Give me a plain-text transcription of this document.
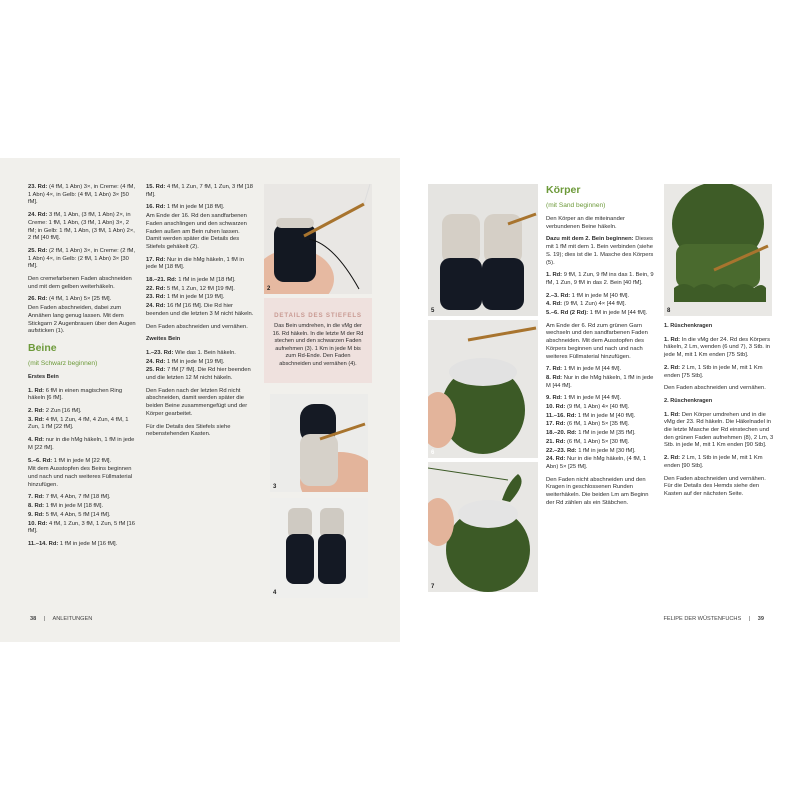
23. Rd: (4 fM, 1 Abn) 3×, in Creme: (4 fM, 1 Abn) 4×, in Gelb: (4 fM, 1 Abn) 3× [50 fM].

24. Rd: 3 fM, 1 Abn, (3 fM, 1 Abn) 2×, in Creme: 1 fM, 1 Abn, (3 fM, 1 Abn) 3×, 2 fM; in Gelb: 1 fM, 1 Abn, (3 fM, 1 Abn) 2×, 2 fM [40 fM].

25. Rd: (2 fM, 1 Abn) 3×, in Creme: (2 fM, 1 Abn) 4×, in Gelb: (2 fM, 1 Abn) 3× [30 fM].

Den cremefarbenen Faden abschneiden und mit dem gelben weiterhäkeln.

26. Rd: (4 fM, 1 Abn) 5× [25 fM].

Den Faden abschneiden, dabei zum Annähen lang genug lassen. Mit dem Stickgarn 2 Augenbrauen über den Augen aufsticken (1).

Beine

(mit Schwarz beginnen)

Erstes Bein

1. Rd: 6 fM in einen magischen Ring häkeln [6 fM].

2. Rd: 2 Zun [16 fM].

3. Rd: 4 fM, 1 Zun, 4 fM, 4 Zun, 4 fM, 1 Zun, 1 fM [22 fM].

4. Rd: nur in die hMg häkeln, 1 fM in jede M [22 fM].

5.–6. Rd: 1 fM in jede M [22 fM].

Mit dem Ausstopfen des Beins beginnen und nach und nach weiteres Füllmaterial hinzufügen.

7. Rd: 7 fM, 4 Abn, 7 fM [18 fM].

8. Rd: 1 fM in jede M [18 fM].

9. Rd: 5 fM, 4 Abn, 5 fM [14 fM].

10. Rd: 4 fM, 1 Zun, 3 fM, 1 Zun, 5 fM [16 fM].

11.–14. Rd: 1 fM in jede M [16 fM].

15. Rd: 4 fM, 1 Zun, 7 fM, 1 Zun, 3 fM [18 fM].

16. Rd: 1 fM in jede M [18 fM].

Am Ende der 16. Rd den sandfarbenen Faden anschlingen und den schwarzen Faden außen am Bein ruhen lassen. Damit werden später die Details des Stiefels gehäkelt (2).

17. Rd: Nur in die hMg häkeln, 1 fM in jede M [18 fM].

18.–21. Rd: 1 fM in jede M [18 fM].

22. Rd: 5 fM, 1 Zun, 12 fM [19 fM].

23. Rd: 1 fM in jede M [19 fM].

24. Rd: 16 fM [16 fM]. Die Rd hier beenden und die letzten 3 M nicht häkeln.

Den Faden abschneiden und vernähen.

Zweites Bein

1.–23. Rd: Wie das 1. Bein häkeln.

24. Rd: 1 fM in jede M [19 fM].

25. Rd: 7 fM [7 fM]. Die Rd hier beenden und die letzten 12 M nicht häkeln.

Den Faden nach der letzten Rd nicht abschneiden, damit werden später die beiden Beine zusammengefügt und der Körper gearbeitet.

Für die Details des Stiefels siehe nebenstehenden Kasten.

2
DETAILS DES STIEFELS
Das Bein umdrehen, in die vMg der 16. Rd häkeln. In die letzte M der Rd stechen und den schwarzen Faden aufnehmen (3). 1 Km in jede M bis zum Rd-Ende. Den Faden abschneiden und vernähen (4).
3
4
38 | ANLEITUNGEN
5
6
7

Körper

(mit Sand beginnen)

Den Körper an die miteinander verbundenen Beine häkeln.

Dazu mit dem 2. Bein beginnen: Dieses mit 1 fM mit dem 1. Bein verbinden (siehe S. 19); dies ist die 1. Masche des Körpers (5).

1. Rd: 9 fM, 1 Zun, 9 fM ins das 1. Bein, 9 fM, 1 Zun, 9 fM in das 2. Bein [40 fM].

2.–3. Rd: 1 fM in jede M [40 fM].

4. Rd: (9 fM, 1 Zun) 4× [44 fM].

5.–6. Rd (2 Rd): 1 fM in jede M [44 fM].

Am Ende der 6. Rd zum grünen Garn wechseln und den sandfarbenen Faden abschneiden. Mit dem Ausstopfen des Körpers beginnen und nach und nach weiteres Füllmaterial hinzufügen.

7. Rd: 1 fM in jede M [44 fM].

8. Rd: Nur in die hMg häkeln, 1 fM in jede M [44 fM].

9. Rd: 1 fM in jede M [44 fM].

10. Rd: (9 fM, 1 Abn) 4× [40 fM].

11.–16. Rd: 1 fM in jede M [40 fM].

17. Rd: (6 fM, 1 Abn) 5× [35 fM].

18.–20. Rd: 1 fM in jede M [35 fM].

21. Rd: (6 fM, 1 Abn) 5× [30 fM].

22.–23. Rd: 1 fM in jede M [30 fM].

24. Rd: Nur in die hMg häkeln, (4 fM, 1 Abn) 5× [25 fM].

Den Faden nicht abschneiden und den Kragen in geschlossenen Runden weiterhäkeln. Die beiden Lm am Beginn der Rd zählen als ein Stäbchen.

8

1. Rüschenkragen

1. Rd: In die vMg der 24. Rd des Körpers häkeln, 2 Lm, wenden (6 und 7), 3 Stb. in jede M, mit 1 Km enden [75 Stb].

2. Rd: 2 Lm, 1 Stb in jede M, mit 1 Km enden [75 Stb].

Den Faden abschneiden und vernähen.

2. Rüschenkragen

1. Rd: Den Körper umdrehen und in die vMg der 23. Rd häkeln. Die Häkelnadel in die letzte Masche der Rd einstechen und den grünen Faden aufnehmen (8), 2 Lm, 3 Stb. in jede M, mit 1 Km enden [90 Stb].

2. Rd: 2 Lm, 1 Stb in jede M, mit 1 Km enden [90 Stb].

Den Faden abschneiden und vernähen. Für die Details des Hemds siehe den Kasten auf der nächsten Seite.

FELIPE DER WÜSTENFUCHS | 39
